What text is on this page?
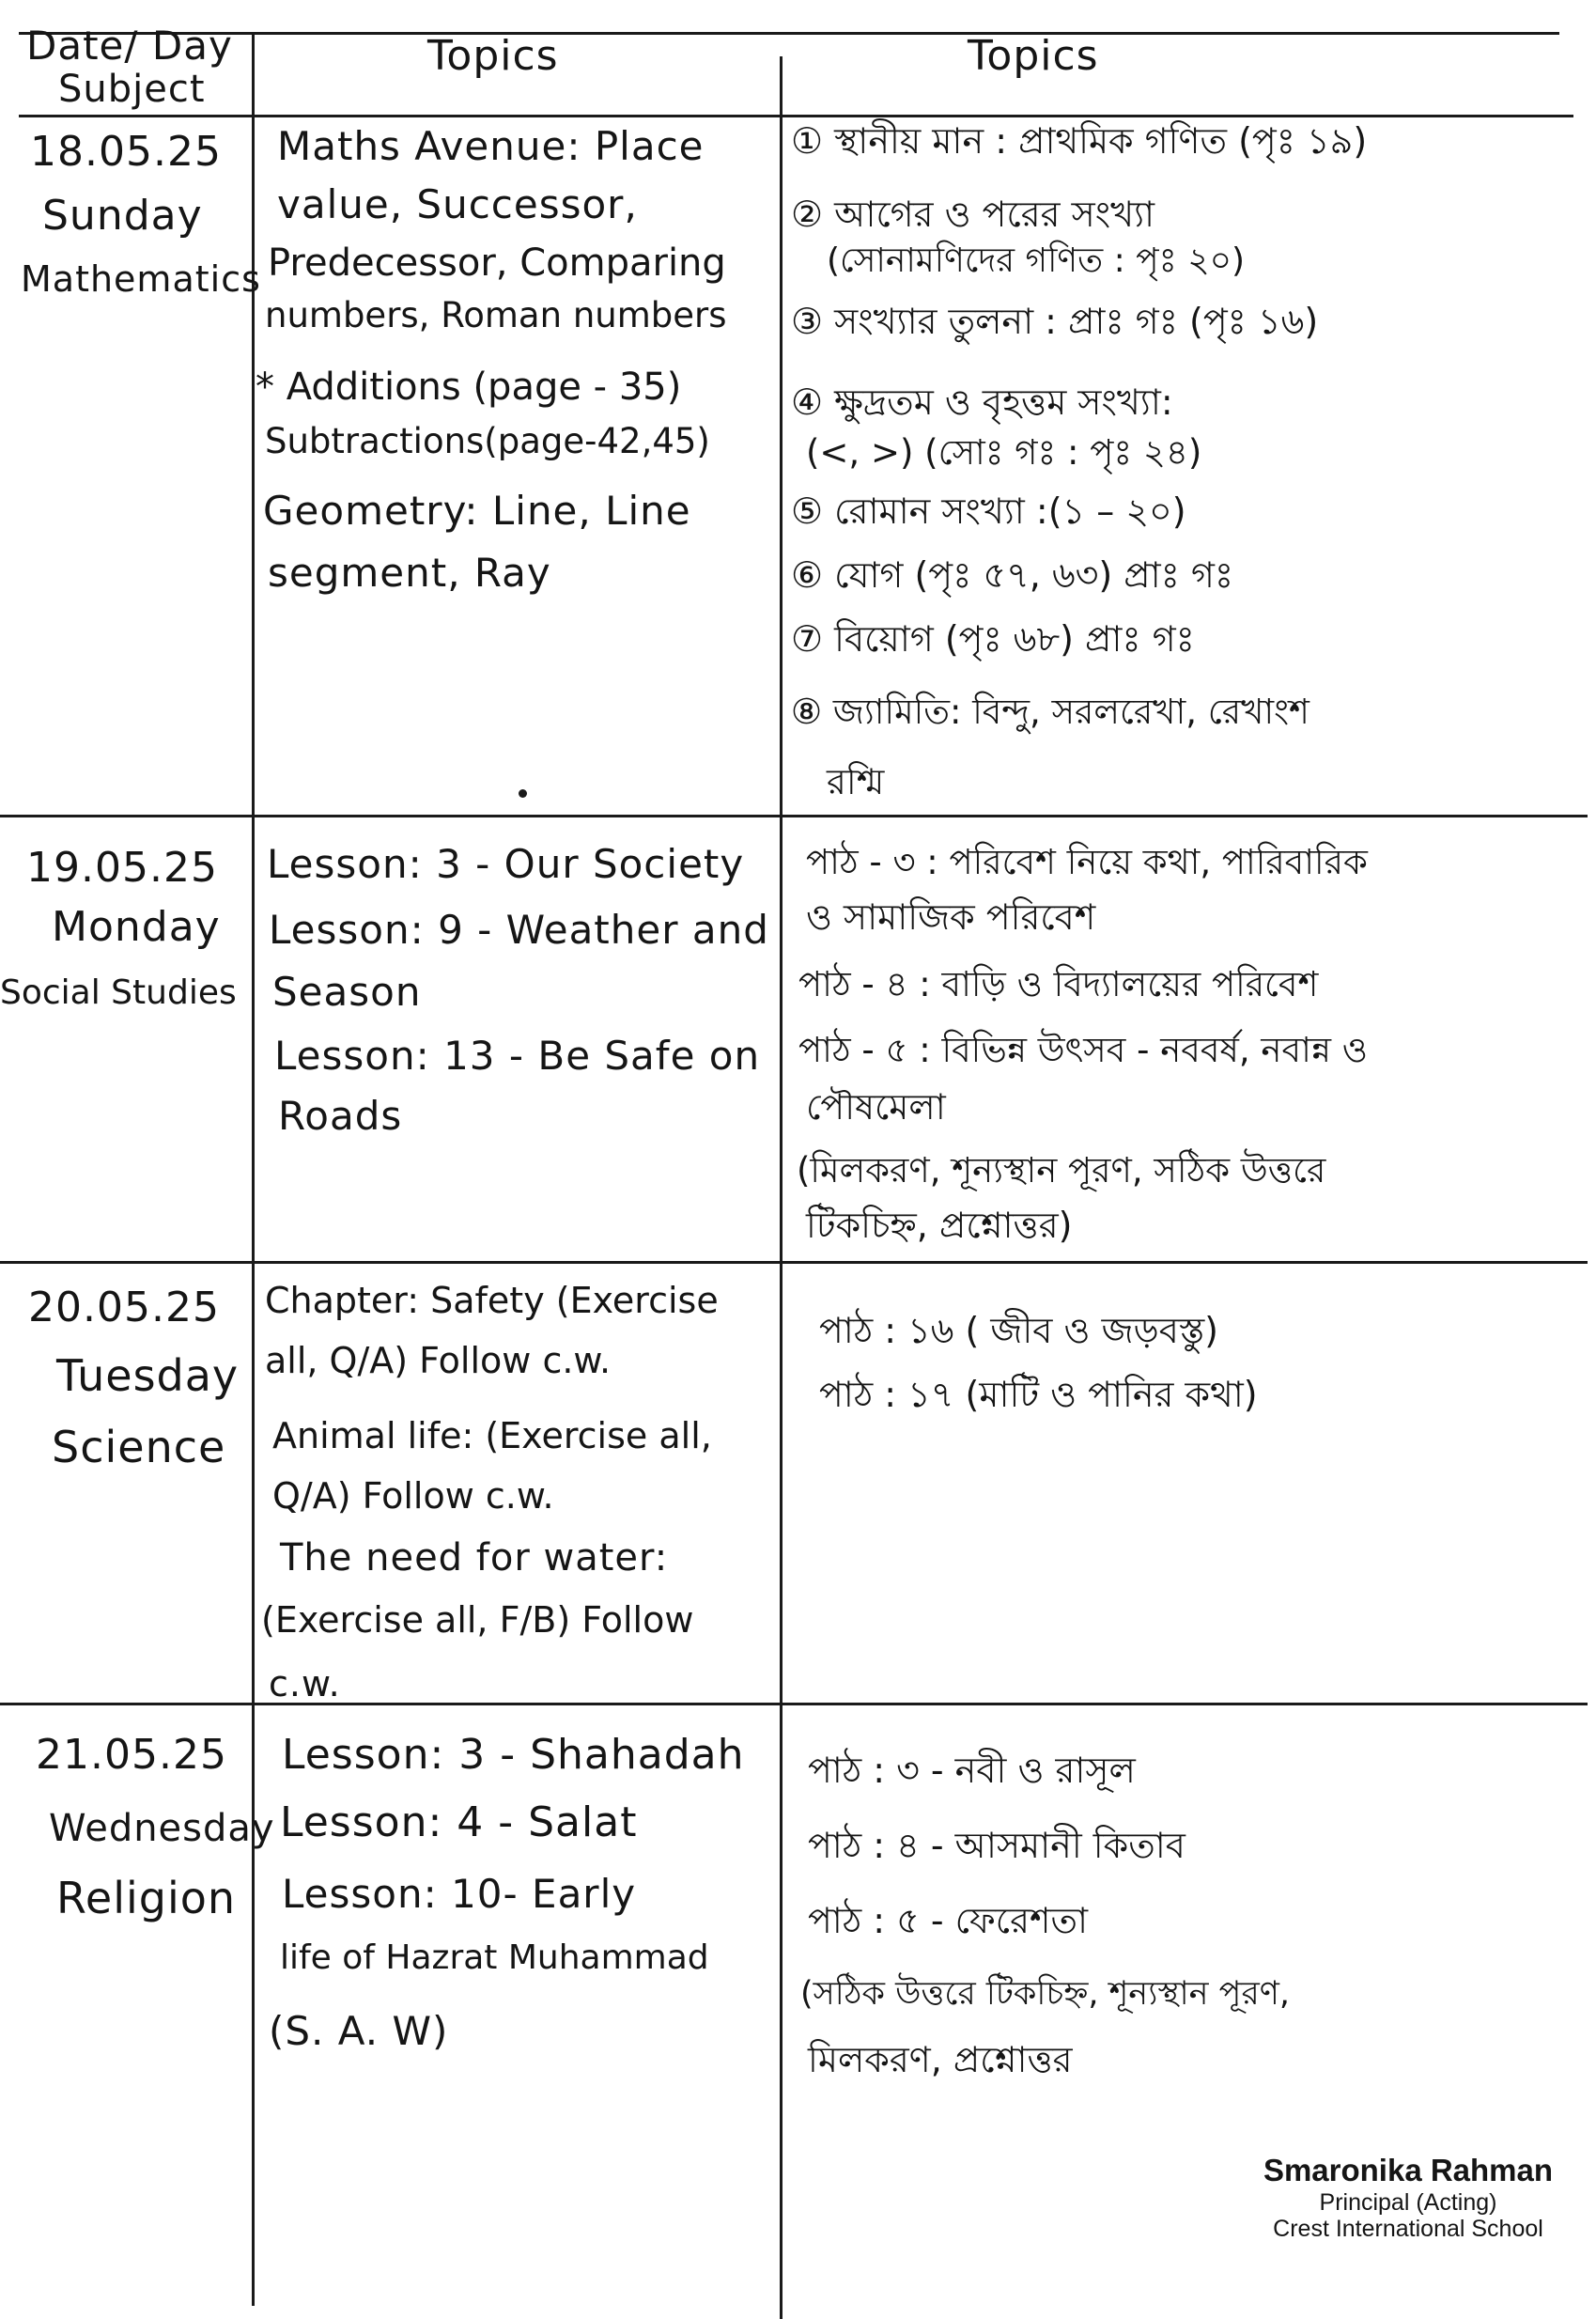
Date/ Day
Subject
Topics	Topics
18.05.25
Sunday
Mathematics
Maths Avenue: Place
value, Successor,
Predecessor, Comparing
numbers, Roman numbers
* Additions (page - 35)
Subtractions(page-42,45)
Geometry: Line, Line
segment, Ray
① স্থানীয় মান : প্রাথমিক গণিত (পৃঃ ১৯)
② আগের ও পরের সংখ্যা
(সোনামণিদের গণিত : পৃঃ ২০)
③ সংখ্যার তুলনা : প্রাঃ গঃ (পৃঃ ১৬)
④ ক্ষুদ্রতম ও বৃহত্তম সংখ্যা:
(<, >) (সোঃ গঃ : পৃঃ ২৪)
⑤ রোমান সংখ্যা :(১ – ২০)
⑥ যোগ (পৃঃ ৫৭, ৬৩) প্রাঃ গঃ
⑦ বিয়োগ (পৃঃ ৬৮) প্রাঃ গঃ
⑧ জ্যামিতি: বিন্দু, সরলরেখা, রেখাংশ
রশ্মি
19.05.25
Monday
Social Studies
Lesson: 3 - Our Society
Lesson: 9 - Weather and
Season
Lesson: 13 - Be Safe on
Roads
পাঠ - ৩ : পরিবেশ নিয়ে কথা, পারিবারিক
ও সামাজিক পরিবেশ
পাঠ - ৪ : বাড়ি ও বিদ্যালয়ের পরিবেশ
পাঠ - ৫ : বিভিন্ন উৎসব - নববর্ষ, নবান্ন ও
পৌষমেলা
(মিলকরণ, শূন্যস্থান পূরণ, সঠিক উত্তরে
টিকচিহ্ন, প্রশ্নোত্তর)
20.05.25
Tuesday
Science
Chapter: Safety (Exercise
all, Q/A) Follow c.w.
Animal life: (Exercise all,
Q/A) Follow c.w.
The need for water:
(Exercise all, F/B) Follow
c.w.
পাঠ : ১৬ ( জীব ও জড়বস্তু)
পাঠ : ১৭ (মাটি ও পানির কথা)
21.05.25
Wednesday
Religion
Lesson: 3 - Shahadah
Lesson: 4 - Salat
Lesson: 10- Early
life of Hazrat Muhammad
(S. A. W)
পাঠ : ৩ - নবী ও রাসূল
পাঠ : ৪ - আসমানী কিতাব
পাঠ : ৫ - ফেরেশতা
(সঠিক উত্তরে টিকচিহ্ন, শূন্যস্থান পূরণ,
মিলকরণ, প্রশ্নোত্তর
Smaronika Rahman
Principal (Acting)
Crest International School
